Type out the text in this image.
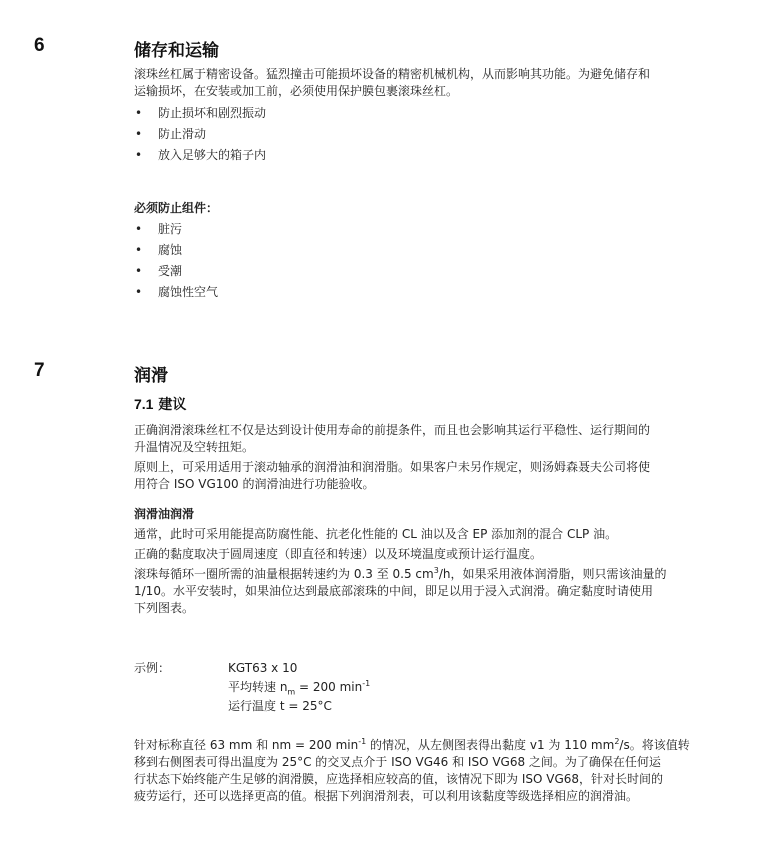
6	储存和运输

滚珠丝杠属于精密设备。猛烈撞击可能损坏设备的精密机械机构，从而影响其功能。为避免储存和
运输损坏，在安装或加工前，必须使用保护膜包裹滚珠丝杠。

• 防止损坏和剧烈振动
• 防止滑动
• 放入足够大的箱子内
必须防止组件：
• 脏污
• 腐蚀
• 受潮
• 腐蚀性空气
7	润滑
7.1 建议

正确润滑滚珠丝杠不仅是达到设计使用寿命的前提条件，而且也会影响其运行平稳性、运行期间的
升温情况及空转扭矩。

原则上，可采用适用于滚动轴承的润滑油和润滑脂。如果客户未另作规定，则汤姆森聂夫公司将使
用符合 ISO VG100 的润滑油进行功能验收。

润滑油润滑

通常，此时可采用能提高防腐性能、抗老化性能的 CL 油以及含 EP 添加剂的混合 CLP 油。

正确的黏度取决于圆周速度（即直径和转速）以及环境温度或预计运行温度。

滚珠每循环一圈所需的油量根据转速约为 0.3 至 0.5 $cm^3/h$，如果采用液体润滑脂，则只需该油量的
1/10。水平安装时，如果油位达到最底部滚珠的中间，即足以用于浸入式润滑。确定黏度时请使用
下列图表。

示例：	KGT63 x 10
平均转速 $n_m = 200$ $\min^{-1}$
运行温度 t = 25°C

针对标称直径 63 mm 和 nm = 200 $\min^{-1}$ 的情况，从左侧图表得出黏度 v1 为 110 $mm^2/s$。将该值转
移到右侧图表可得出温度为 25°C 的交叉点介于 ISO VG46 和 ISO VG68 之间。为了确保在任何运
行状态下始终能产生足够的润滑膜，应选择相应较高的值，该情况下即为 ISO VG68，针对长时间的
疲劳运行，还可以选择更高的值。根据下列润滑剂表，可以利用该黏度等级选择相应的润滑油。
